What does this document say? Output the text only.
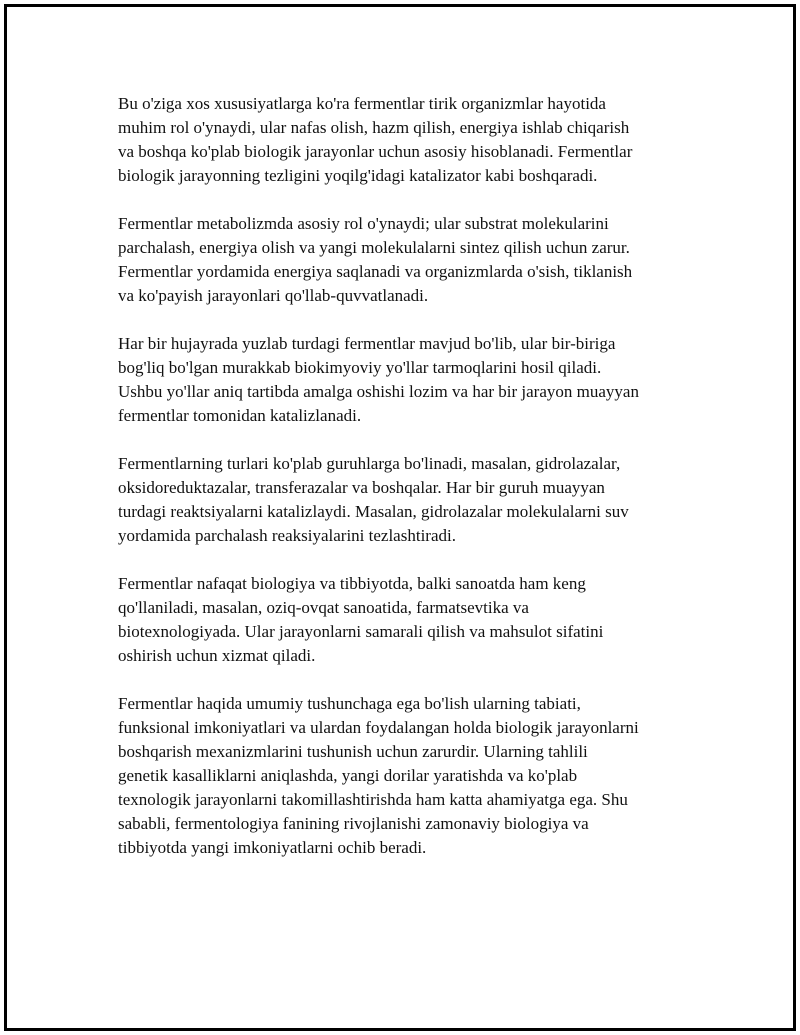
Bu o'ziga xos xususiyatlarga ko'ra fermentlar tirik organizmlar hayotida
muhim rol o'ynaydi, ular nafas olish, hazm qilish, energiya ishlab chiqarish
va boshqa ko'plab biologik jarayonlar uchun asosiy hisoblanadi. Fermentlar
biologik jarayonning tezligini yoqilg'idagi katalizator kabi boshqaradi.
Fermentlar metabolizmda asosiy rol o'ynaydi; ular substrat molekularini
parchalash, energiya olish va yangi molekulalarni sintez qilish uchun zarur.
Fermentlar yordamida energiya saqlanadi va organizmlarda o'sish, tiklanish
va ko'payish jarayonlari qo'llab-quvvatlanadi.
Har bir hujayrada yuzlab turdagi fermentlar mavjud bo'lib, ular bir-biriga
bog'liq bo'lgan murakkab biokimyoviy yo'llar tarmoqlarini hosil qiladi.
Ushbu yo'llar aniq tartibda amalga oshishi lozim va har bir jarayon muayyan
fermentlar tomonidan katalizlanadi.
Fermentlarning turlari ko'plab guruhlarga bo'linadi, masalan, gidrolazalar,
oksidoreduktazalar, transferazalar va boshqalar. Har bir guruh muayyan
turdagi reaktsiyalarni katalizlaydi. Masalan, gidrolazalar molekulalarni suv
yordamida parchalash reaksiyalarini tezlashtiradi.
Fermentlar nafaqat biologiya va tibbiyotda, balki sanoatda ham keng
qo'llaniladi, masalan, oziq-ovqat sanoatida, farmatsevtika va
biotexnologiyada. Ular jarayonlarni samarali qilish va mahsulot sifatini
oshirish uchun xizmat qiladi.
Fermentlar haqida umumiy tushunchaga ega bo'lish ularning tabiati,
funksional imkoniyatlari va ulardan foydalangan holda biologik jarayonlarni
boshqarish mexanizmlarini tushunish uchun zarurdir. Ularning tahlili
genetik kasalliklarni aniqlashda, yangi dorilar yaratishda va ko'plab
texnologik jarayonlarni takomillashtirishda ham katta ahamiyatga ega. Shu
sababli, fermentologiya fanining rivojlanishi zamonaviy biologiya va
tibbiyotda yangi imkoniyatlarni ochib beradi.
